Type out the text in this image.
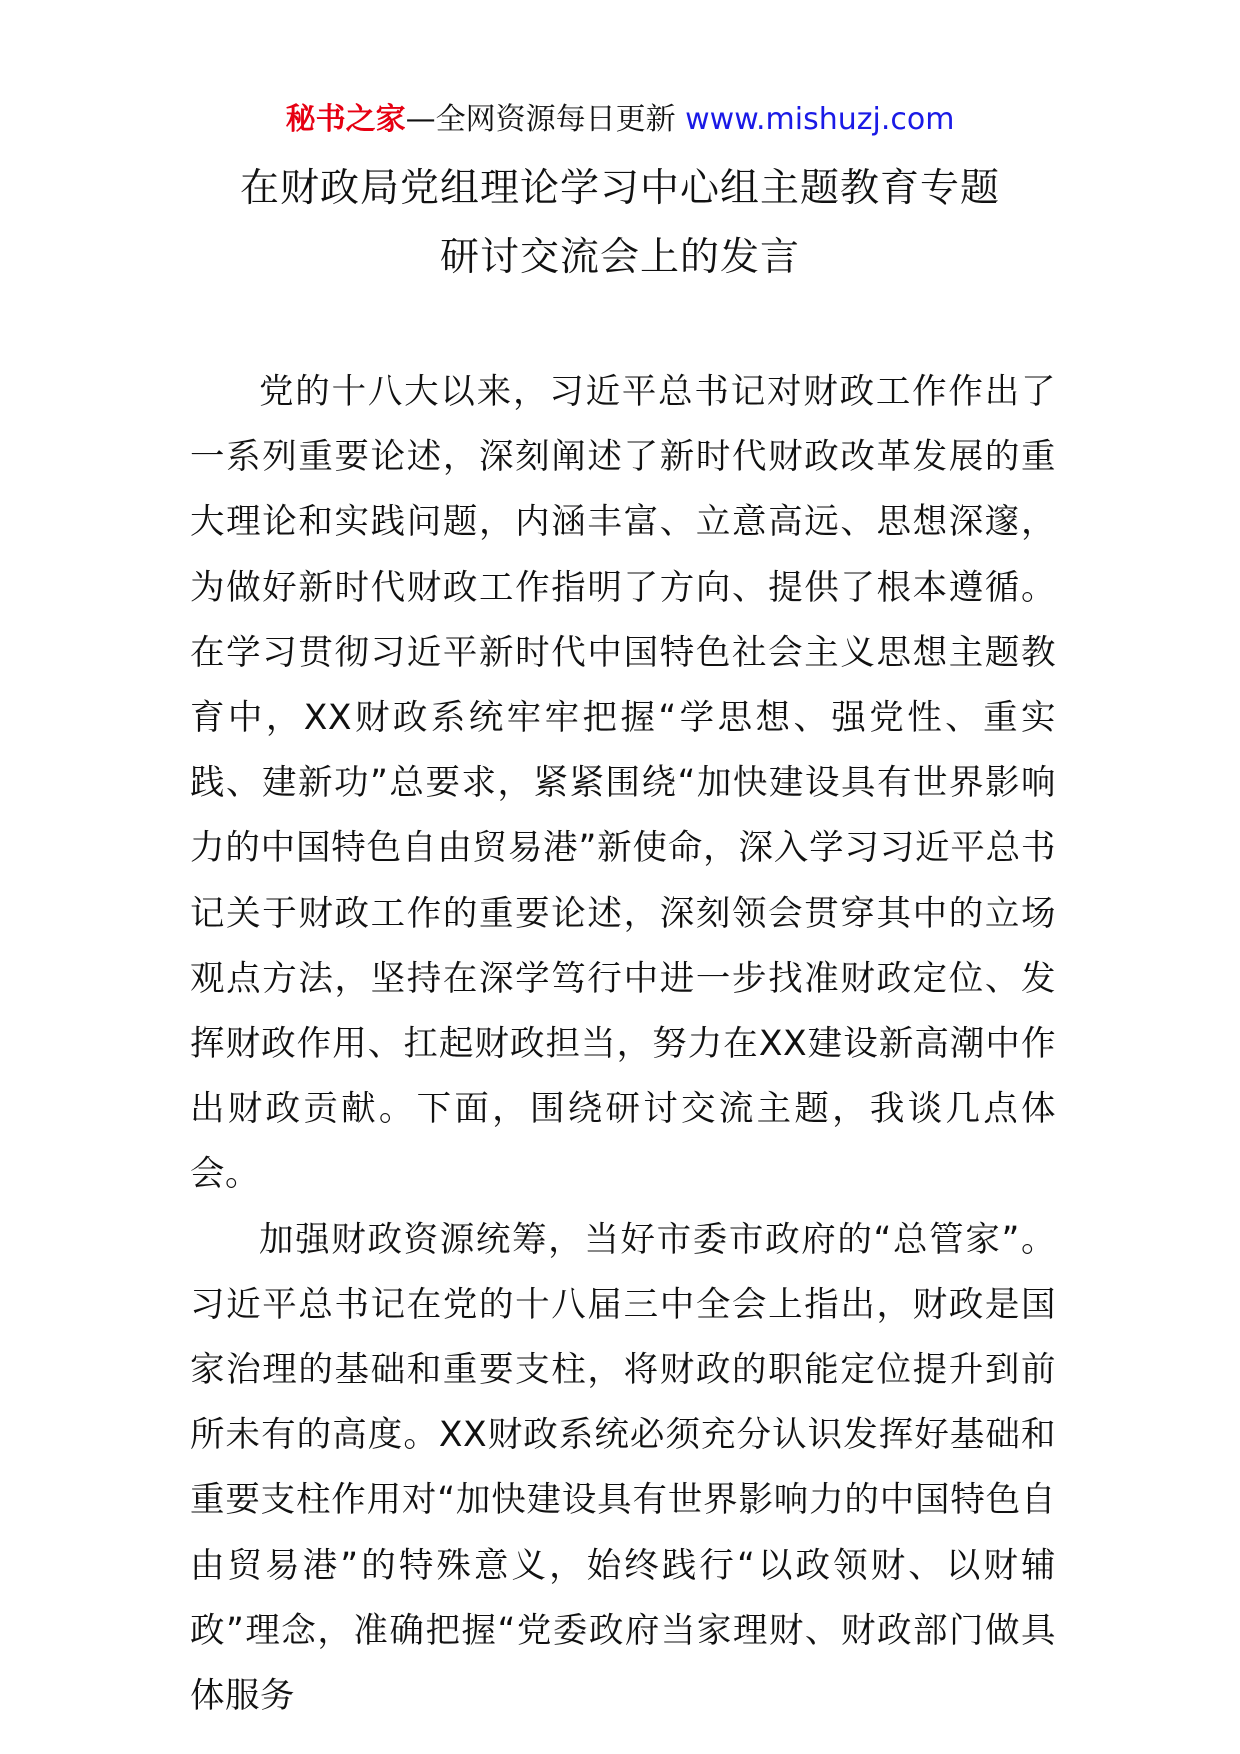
秘书之家—全网资源每日更新 www.mishuzj.com
在财政局党组理论学习中心组主题教育专题
研讨交流会上的发言

党的十八大以来，习近平总书记对财政工作作出了一系列重要论述，深刻阐述了新时代财政改革发展的重大理论和实践问题，内涵丰富、立意高远、思想深邃，为做好新时代财政工作指明了方向、提供了根本遵循。在学习贯彻习近平新时代中国特色社会主义思想主题教育中，XX财政系统牢牢把握“学思想、强党性、重实践、建新功”总要求，紧紧围绕“加快建设具有世界影响力的中国特色自由贸易港”新使命，深入学习习近平总书记关于财政工作的重要论述，深刻领会贯穿其中的立场观点方法，坚持在深学笃行中进一步找准财政定位、发挥财政作用、扛起财政担当，努力在XX建设新高潮中作出财政贡献。下面，围绕研讨交流主题，我谈几点体会。

加强财政资源统筹，当好市委市政府的“总管家”。习近平总书记在党的十八届三中全会上指出，财政是国家治理的基础和重要支柱，将财政的职能定位提升到前所未有的高度。XX财政系统必须充分认识发挥好基础和重要支柱作用对“加快建设具有世界影响力的中国特色自由贸易港”的特殊意义，始终践行“以政领财、以财辅政”理念，准确把握“党委政府当家理财、财政部门做具体服务
